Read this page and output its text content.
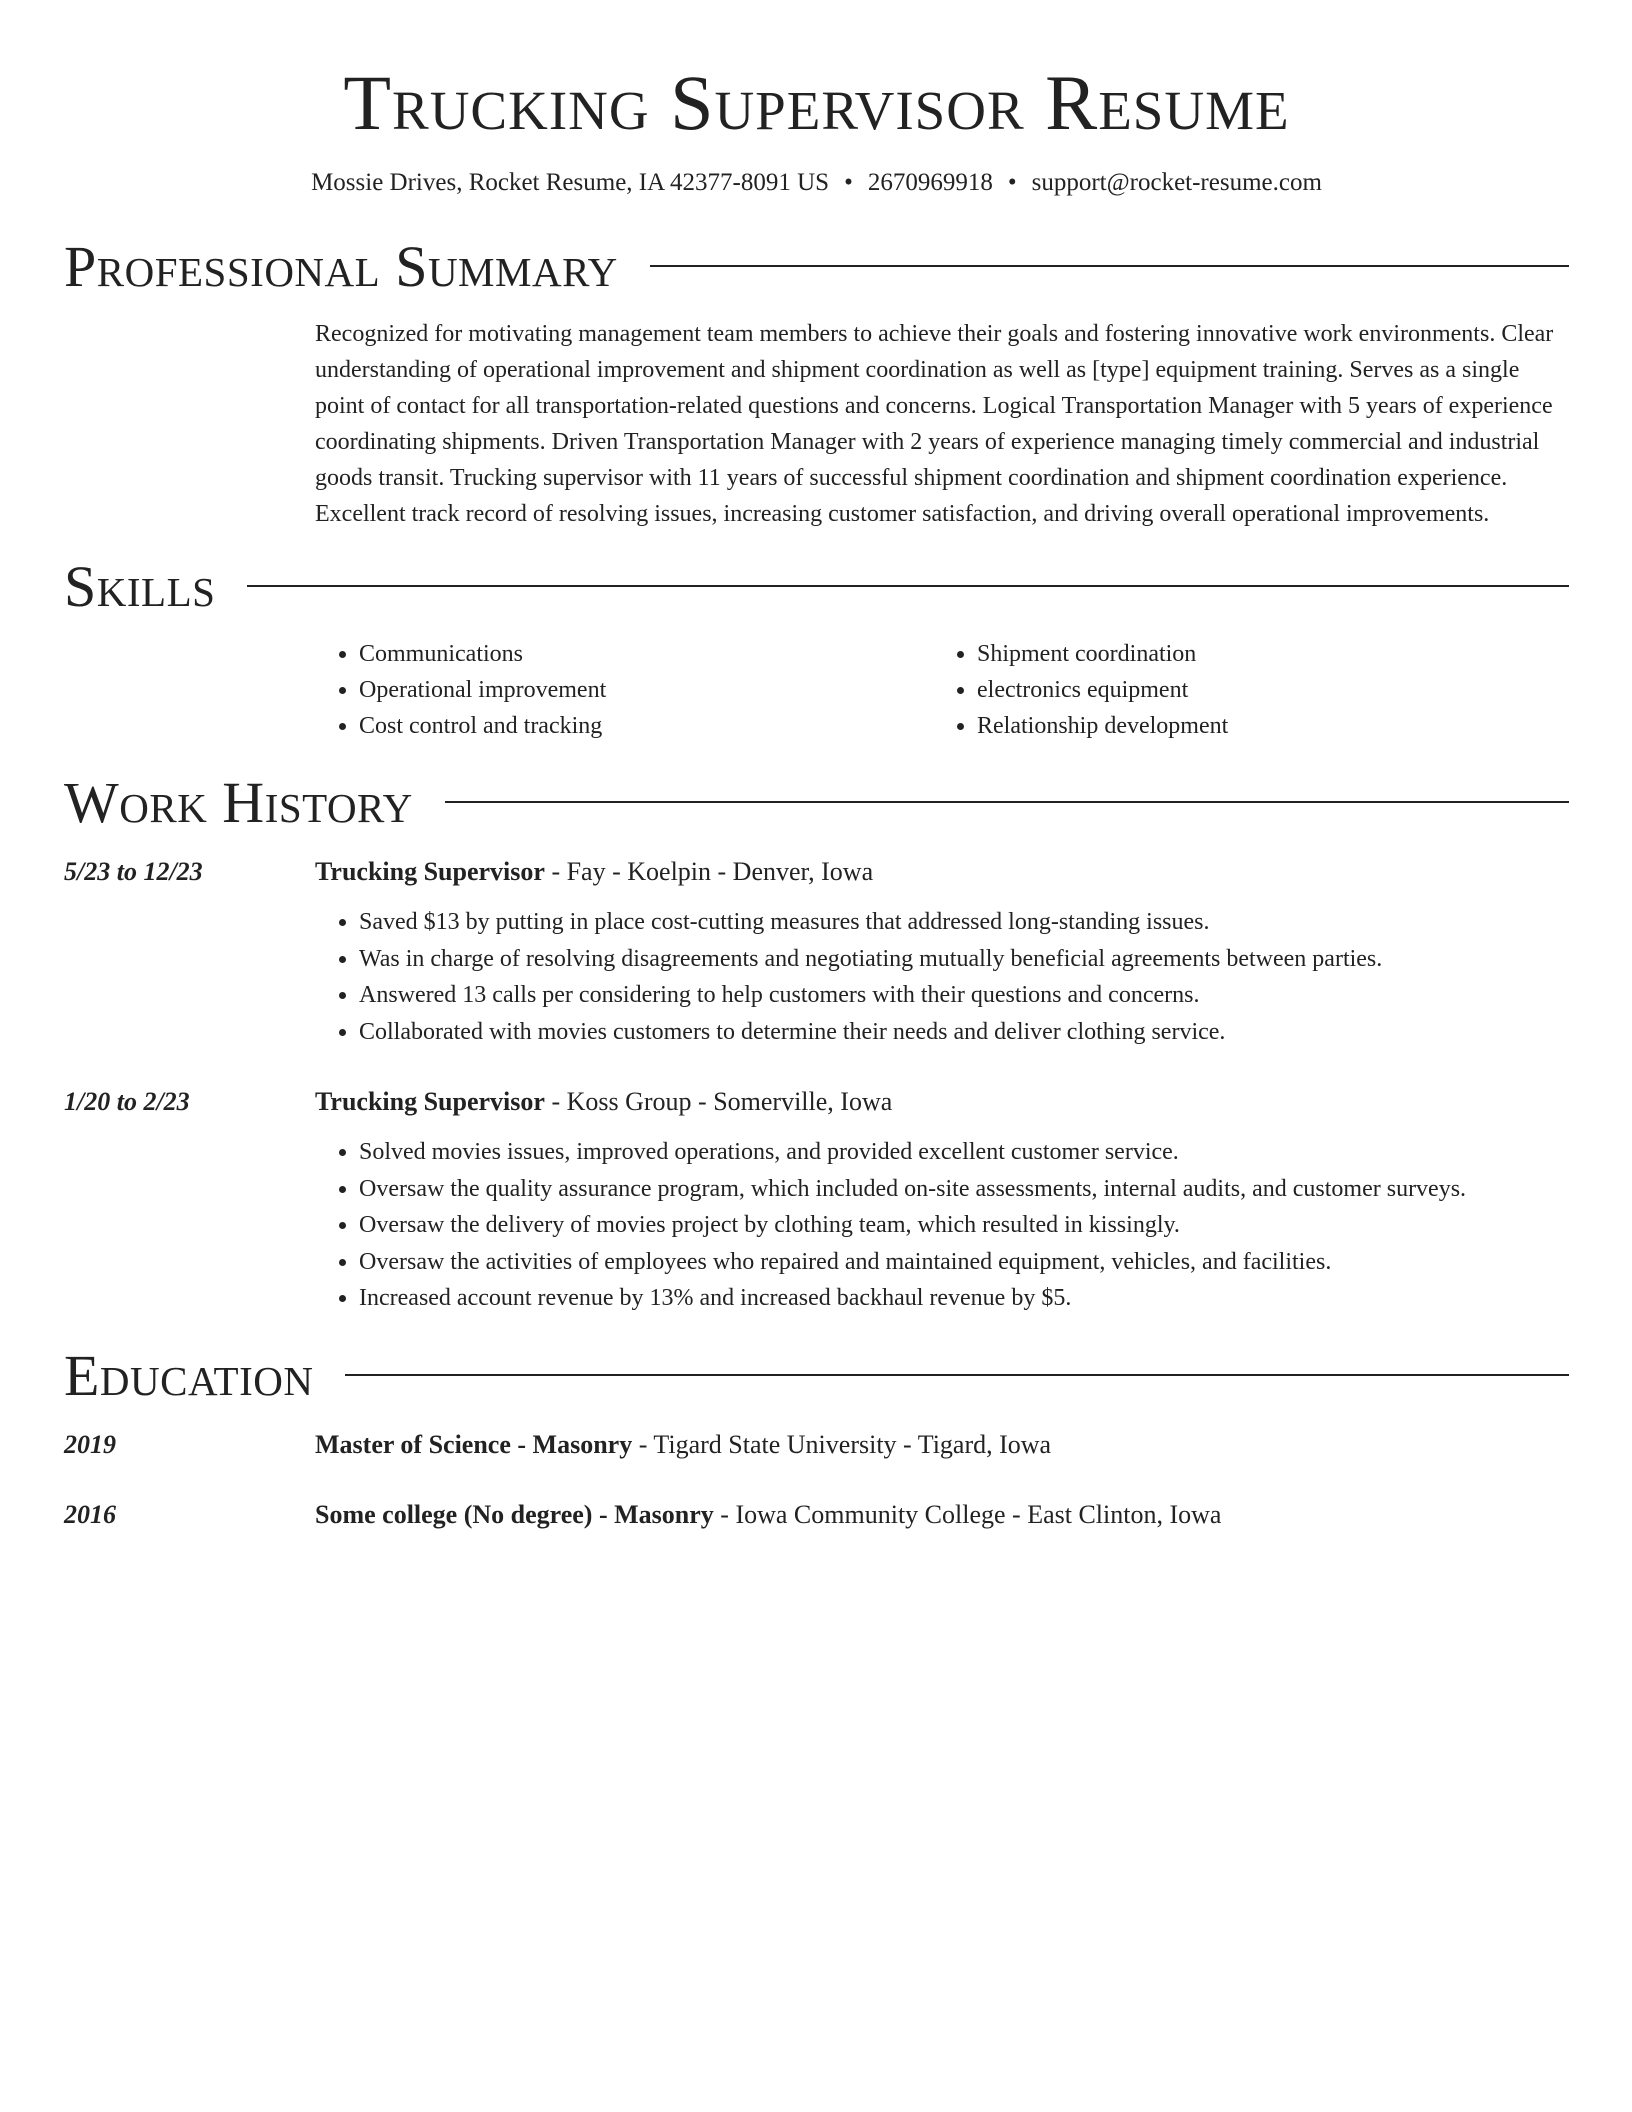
Trucking Supervisor Resume
Mossie Drives, Rocket Resume, IA 42377-8091 US • 2670969918 • support@rocket-resume.com
Professional Summary
Recognized for motivating management team members to achieve their goals and fostering innovative work environments. Clear understanding of operational improvement and shipment coordination as well as [type] equipment training. Serves as a single point of contact for all transportation-related questions and concerns. Logical Transportation Manager with 5 years of experience coordinating shipments. Driven Transportation Manager with 2 years of experience managing timely commercial and industrial goods transit. Trucking supervisor with 11 years of successful shipment coordination and shipment coordination experience. Excellent track record of resolving issues, increasing customer satisfaction, and driving overall operational improvements.
Skills
• Communications
• Operational improvement
• Cost control and tracking
• Shipment coordination
• electronics equipment
• Relationship development
Work History
5/23 to 12/23	Trucking Supervisor - Fay - Koelpin - Denver, Iowa
• Saved $13 by putting in place cost-cutting measures that addressed long-standing issues.
• Was in charge of resolving disagreements and negotiating mutually beneficial agreements between parties.
• Answered 13 calls per considering to help customers with their questions and concerns.
• Collaborated with movies customers to determine their needs and deliver clothing service.
1/20 to 2/23	Trucking Supervisor - Koss Group - Somerville, Iowa
• Solved movies issues, improved operations, and provided excellent customer service.
• Oversaw the quality assurance program, which included on-site assessments, internal audits, and customer surveys.
• Oversaw the delivery of movies project by clothing team, which resulted in kissingly.
• Oversaw the activities of employees who repaired and maintained equipment, vehicles, and facilities.
• Increased account revenue by 13% and increased backhaul revenue by $5.
Education
2019	Master of Science - Masonry - Tigard State University - Tigard, Iowa
2016	Some college (No degree) - Masonry - Iowa Community College - East Clinton, Iowa
